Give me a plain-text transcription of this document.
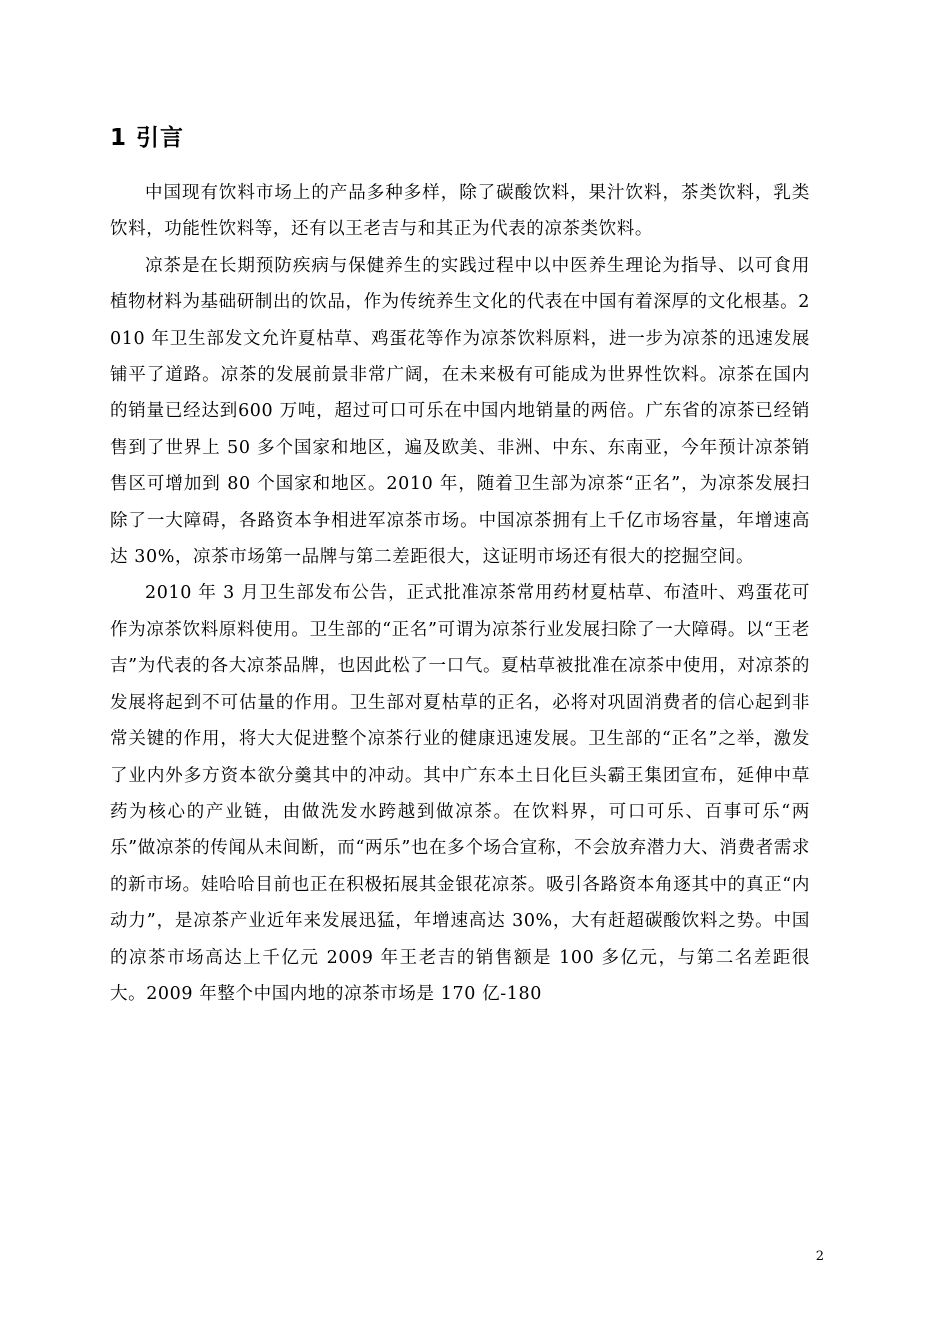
1 引言

中国现有饮料市场上的产品多种多样，除了碳酸饮料，果汁饮料，茶类饮料，乳类饮料，功能性饮料等，还有以王老吉与和其正为代表的凉茶类饮料。

凉茶是在长期预防疾病与保健养生的实践过程中以中医养生理论为指导、以可食用植物材料为基础研制出的饮品，作为传统养生文化的代表在中国有着深厚的文化根基。2010 年卫生部发文允许夏枯草、鸡蛋花等作为凉茶饮料原料，进一步为凉茶的迅速发展铺平了道路。凉茶的发展前景非常广阔，在未来极有可能成为世界性饮料。凉茶在国内的销量已经达到600 万吨，超过可口可乐在中国内地销量的两倍。广东省的凉茶已经销售到了世界上 50 多个国家和地区，遍及欧美、非洲、中东、东南亚，今年预计凉茶销售区可增加到 80 个国家和地区。2010 年，随着卫生部为凉茶“正名”，为凉茶发展扫除了一大障碍，各路资本争相进军凉茶市场。中国凉茶拥有上千亿市场容量，年增速高达 30%，凉茶市场第一品牌与第二差距很大，这证明市场还有很大的挖掘空间。

2010 年 3 月卫生部发布公告，正式批准凉茶常用药材夏枯草、布渣叶、鸡蛋花可作为凉茶饮料原料使用。卫生部的“正名”可谓为凉茶行业发展扫除了一大障碍。以“王老吉”为代表的各大凉茶品牌，也因此松了一口气。夏枯草被批准在凉茶中使用，对凉茶的发展将起到不可估量的作用。卫生部对夏枯草的正名，必将对巩固消费者的信心起到非常关键的作用，将大大促进整个凉茶行业的健康迅速发展。卫生部的“正名”之举，激发了业内外多方资本欲分羹其中的冲动。其中广东本土日化巨头霸王集团宣布，延伸中草药为核心的产业链，由做洗发水跨越到做凉茶。在饮料界，可口可乐、百事可乐“两乐”做凉茶的传闻从未间断，而“两乐”也在多个场合宣称，不会放弃潜力大、消费者需求的新市场。娃哈哈目前也正在积极拓展其金银花凉茶。吸引各路资本角逐其中的真正“内动力”，是凉茶产业近年来发展迅猛，年增速高达 30%，大有赶超碳酸饮料之势。中国的凉茶市场高达上千亿元 2009 年王老吉的销售额是 100 多亿元，与第二名差距很大。2009 年整个中国内地的凉茶市场是 170 亿-180

2
